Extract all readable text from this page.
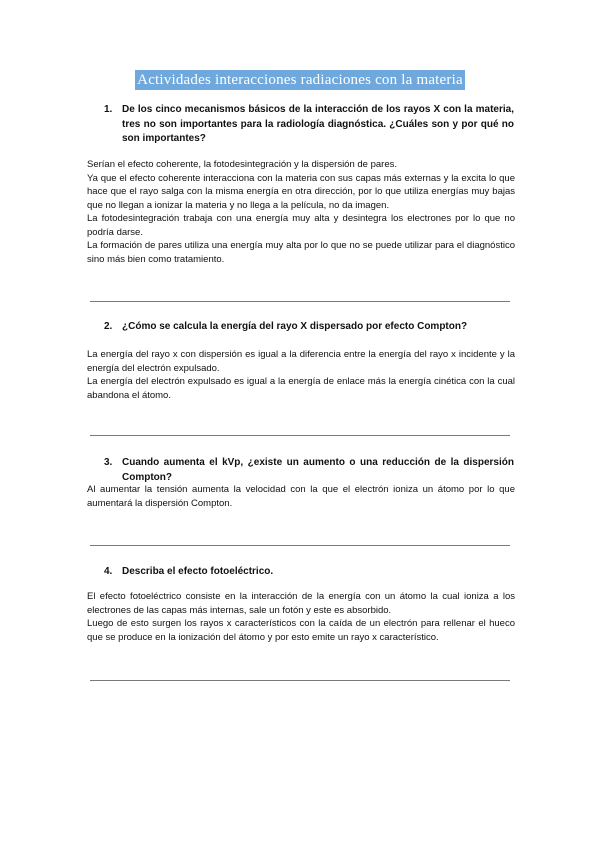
Actividades interacciones radiaciones con la materia
1. De los cinco mecanismos básicos de la interacción de los rayos X con la materia, tres no son importantes para la radiología diagnóstica. ¿Cuáles son y por qué no son importantes?

Serían el efecto coherente, la fotodesintegración y la dispersión de pares.

Ya que el efecto coherente interacciona con la materia con sus capas más externas y la excita lo que hace que el rayo salga con la misma energía en otra dirección, por lo que utiliza energías muy bajas que no llegan a ionizar la materia y no llega a la película, no da imagen.

La fotodesintegración trabaja con una energía muy alta y desintegra los electrones por lo que no podría darse.

La formación de pares utiliza una energía muy alta por lo que no se puede utilizar para el diagnóstico sino más bien como tratamiento.

2. ¿Cómo se calcula la energía del rayo X dispersado por efecto Compton?

La energía del rayo x con dispersión es igual a la diferencia entre la energía del rayo x incidente y la energía del electrón expulsado.

La energía del electrón expulsado es igual a la energía de enlace más la energía cinética con la cual abandona el átomo.

3. Cuando aumenta el kVp, ¿existe un aumento o una reducción de la dispersión Compton?

Al aumentar la tensión aumenta la velocidad con la que el electrón ioniza un átomo por lo que aumentará la dispersión Compton.

4. Describa el efecto fotoeléctrico.

El efecto fotoeléctrico consiste en la interacción de la energía con un átomo la cual ioniza a los electrones de las capas más internas, sale un fotón y este es absorbido.

Luego de esto surgen los rayos x característicos con la caída de un electrón para rellenar el hueco que se produce en la ionización del átomo y por esto emite un rayo x característico.
